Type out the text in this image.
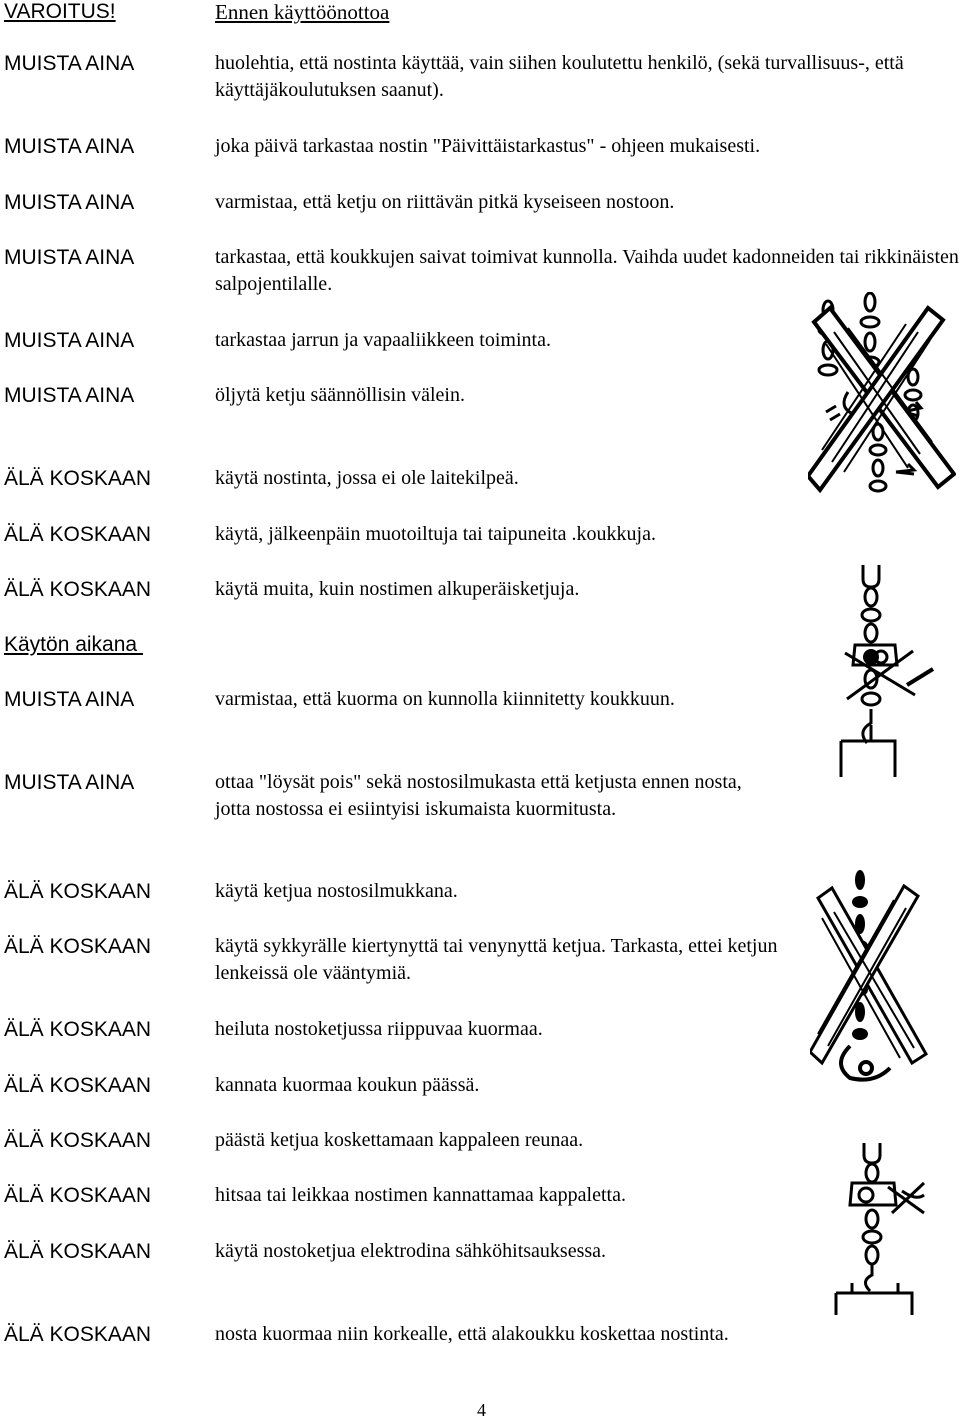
VAROITUS!	Ennen käyttöönottoa
MUISTA AINA	huolehtia, että nostinta käyttää, vain siihen koulutettu henkilö, (sekä turvallisuus-, että käyttäjäkoulutuksen saanut).
MUISTA AINA	joka päivä tarkastaa nostin "Päivittäistarkastus" - ohjeen mukaisesti.
MUISTA AINA	varmistaa, että ketju on riittävän pitkä kyseiseen nostoon.
MUISTA AINA	tarkastaa, että koukkujen saivat toimivat kunnolla. Vaihda uudet kadonneiden tai rikkinäisten salpojentilalle.
MUISTA AINA	tarkastaa jarrun ja vapaaliikkeen toiminta.
MUISTA AINA	öljytä ketju säännöllisin välein.
ÄLÄ KOSKAAN	käytä nostinta, jossa ei ole laitekilpeä.
ÄLÄ KOSKAAN	käytä, jälkeenpäin muotoiltuja tai taipuneita .koukkuja.
ÄLÄ KOSKAAN	käytä muita, kuin nostimen alkuperäisketjuja.
Käytön aikana
MUISTA AINA	varmistaa, että kuorma on kunnolla kiinnitetty koukkuun.
MUISTA AINA	ottaa "löysät pois" sekä nostosilmukasta että ketjusta ennen nosta, jotta nostossa ei esiintyisi iskumaista kuormitusta.
ÄLÄ KOSKAAN	käytä ketjua nostosilmukkana.
ÄLÄ KOSKAAN	käytä sykkyrälle kiertynyttä tai venynyttä ketjua. Tarkasta, ettei ketjun lenkeissä ole vääntymiä.
ÄLÄ KOSKAAN	heiluta nostoketjussa riippuvaa kuormaa.
ÄLÄ KOSKAAN	kannata kuormaa koukun päässä.
ÄLÄ KOSKAAN	päästä ketjua koskettamaan kappaleen reunaa.
ÄLÄ KOSKAAN	hitsaa tai leikkaa nostimen kannattamaa kappaletta.
ÄLÄ KOSKAAN	käytä nostoketjua elektrodina sähköhitsauksessa.
ÄLÄ KOSKAAN	nosta kuormaa niin korkealle, että alakoukku koskettaa nostinta.
4
